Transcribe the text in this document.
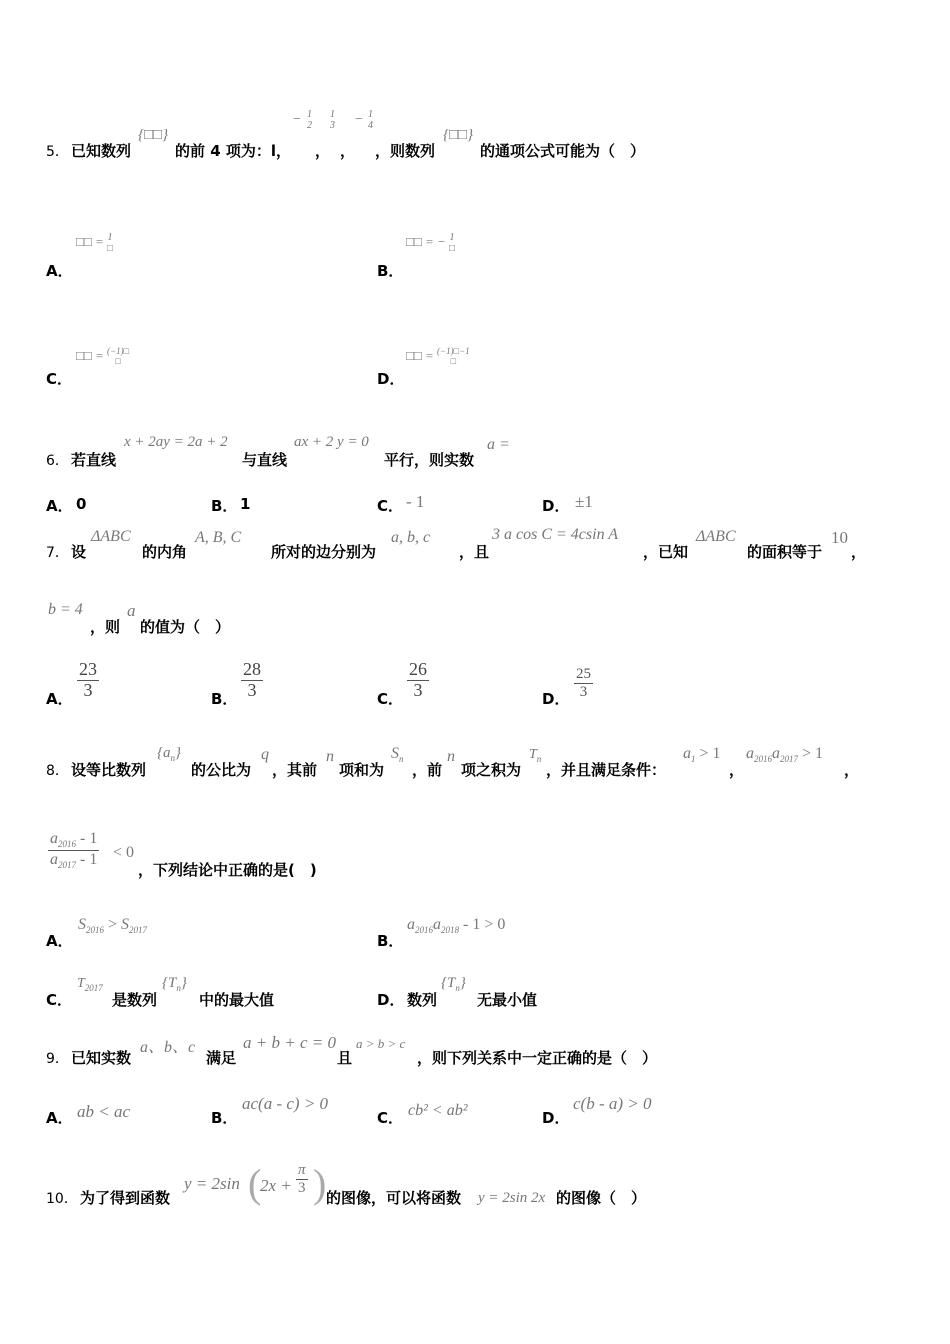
5． 已知数列
{□□}
的前 4 项为：l，
− 1
2
1
3 − 1
4
， ， ，则数列
{□□}
的通项公式可能为（　）
A．
□□ = 1
□
B．
□□ = − 1
□
C．
□□ = (−1)□
□
D．
□□ = (−1)□−1
□
6． 若直线
x + 2ay = 2a + 2
与直线
ax + 2 y = 0
平行，则实数
a =
A． 0	B． 1	C． - 1	D． ±1
7． 设
ΔABC
的内角
A, B, C
所对的边分别为
a, b, c
，且
3 a cos C = 4csin A
，已知
ΔABC
的面积等于
10
，
b = 4
，则
a
的值为（　）
A． $\frac{23}{3}$	B． $\frac{28}{3}$	C． $\frac{26}{3}$	D． $\frac{25}{3}$
8． 设等比数列
$\{a_n\}$
的公比为
q
，其前
n
项和为
$S_n$
，前
n
项之积为
$T_n$
，并且满足条件：
$a_1 > 1$
，
$a_{2016}a_{2017} > 1$
，
$\frac{a_{2016} - 1}{a_{2017} - 1} < 0$
，下列结论中正确的是(　)
A．
$S_{2016} > S_{2017}$
B．
$a_{2016}a_{2018} - 1 > 0$
C．
$T_{2017}$
是数列
$\{T_n\}$
中的最大值	D． 数列
$\{T_n\}$
无最小值
9． 已知实数
a、b、c
满足
a + b + c = 0
且
a > b > c
，则下列关系中一定正确的是（　）
A． ab < ac	B．
ac(a - c) > 0
C． cb² < ab²	D．
c(b - a) > 0
10． 为了得到函数
y = 2sin (
$2x + \frac{\pi}{3}$ ) 的图像，可以将函数 y = 2sin 2x 的图像（　）
